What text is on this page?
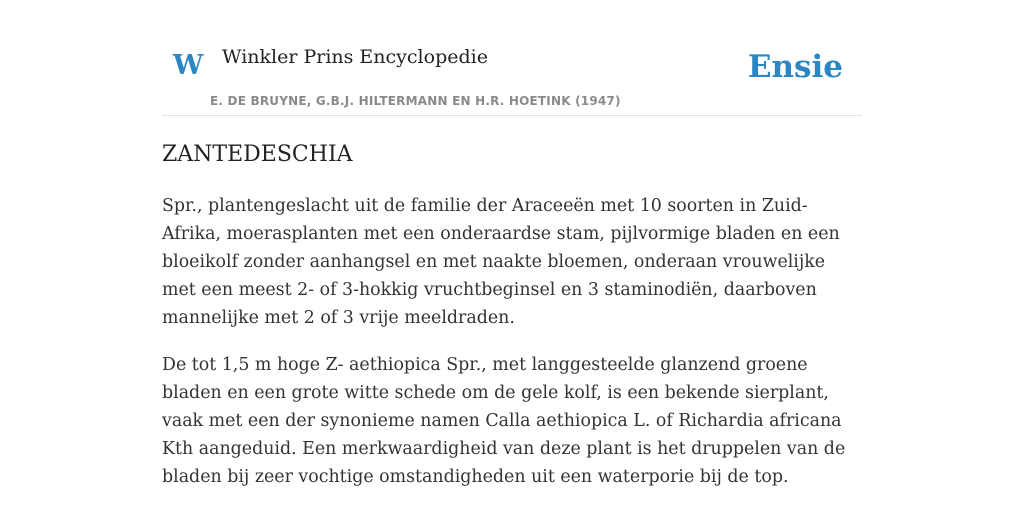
W Winkler Prins Encyclopedie
E. DE BRUYNE, G.B.J. HILTERMANN EN H.R. HOETINK (1947)
Ensie
ZANTEDESCHIA

Spr., plantengeslacht uit de familie der Araceeën met 10 soorten in Zuid-Afrika, moerasplanten met een onderaardse stam, pijlvormige bladen en een bloeikolf zonder aanhangsel en met naakte bloemen, onderaan vrouwelijke met een meest 2- of 3-hokkig vruchtbeginsel en 3 staminodiën, daarboven mannelijke met 2 of 3 vrije meeldraden.

De tot 1,5 m hoge Z- aethiopica Spr., met langgesteelde glanzend groene bladen en een grote witte schede om de gele kolf, is een bekende sierplant, vaak met een der synonieme namen Calla aethiopica L. of Richardia africana Kth aangeduid. Een merkwaardigheid van deze plant is het druppelen van de bladen bij zeer vochtige omstandigheden uit een waterporie bij de top.
